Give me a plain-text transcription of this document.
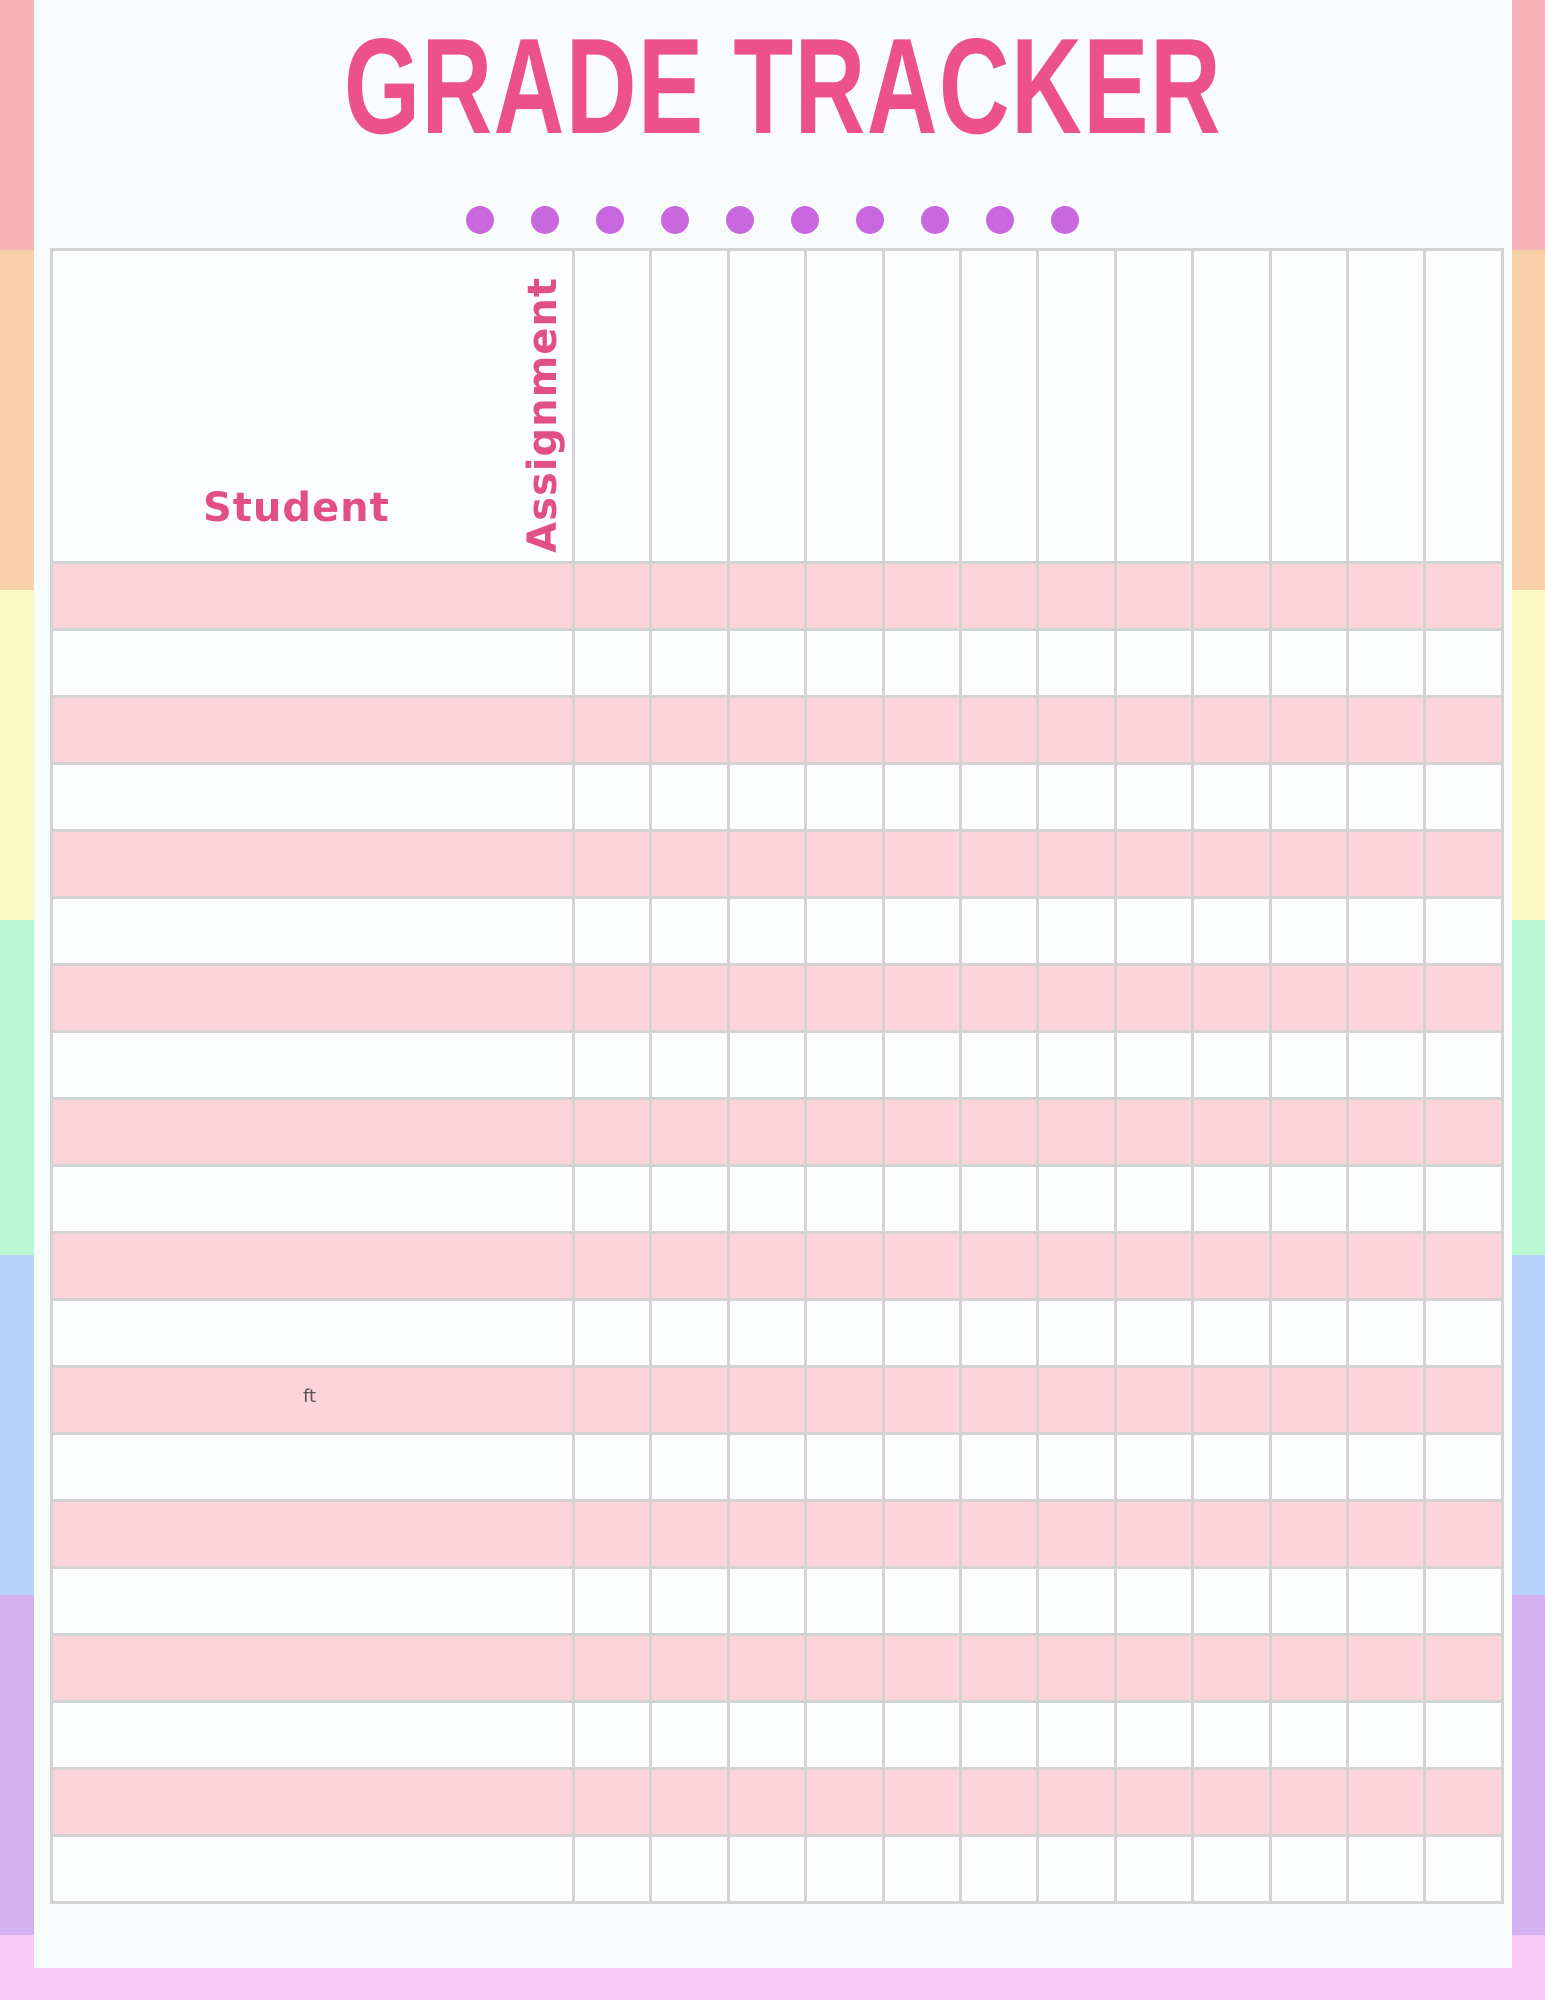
GRADE TRACKER
Student Assignment												

ft												
